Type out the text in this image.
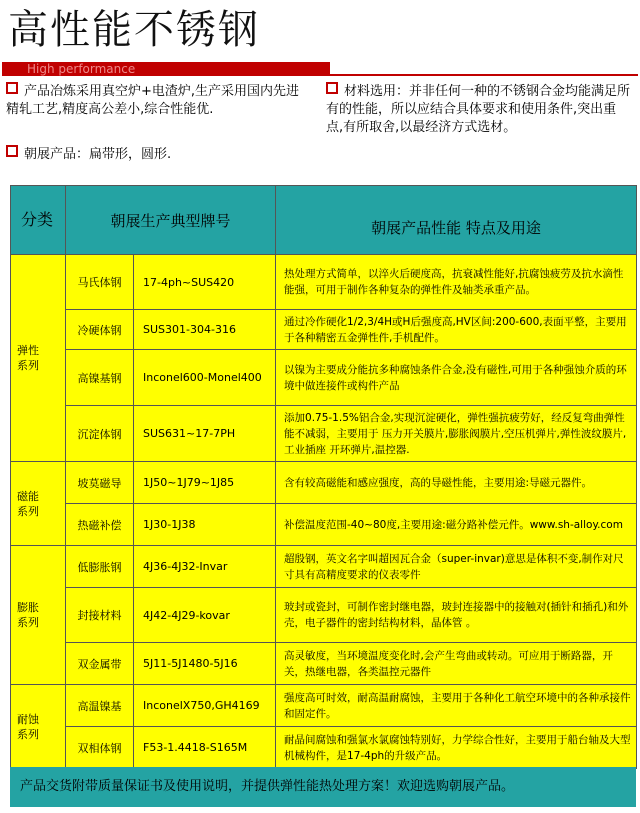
高性能不锈钢
High performance
产品冶炼采用真空炉+电渣炉,生产采用国内先进精轧工艺,精度高公差小,综合性能优.
朝展产品：扁带形，圆形.
材料选用：并非任何一种的不锈钢合金均能满足所有的性能，所以应结合具体要求和使用条件,突出重点,有所取舍,以最经济方式选材。
分类	朝展生产典型牌号		朝展产品性能 特点及用途
弹性
系列	马氏体钢	17-4ph~SUS420	热处理方式简单，以淬火后硬度高，抗衰减性能好,抗腐蚀疲劳及抗水滴性能强，可用于制作各种复杂的弹性件及轴类承重产品。
	冷硬体钢	SUS301-304-316	通过冷作硬化1/2,3/4H或H后强度高,HV区间:200-600,表面平整，主要用于各种精密五金弹性件,手机配件。
	高镍基钢	Inconel600-Monel400	以镍为主要成分能抗多种腐蚀条件合金,没有磁性,可用于各种强蚀介质的环境中做连接件或构件产品
	沉淀体钢	SUS631~17-7PH	添加0.75-1.5%铝合金,实现沉淀硬化，弹性强抗疲劳好，经反复弯曲弹性能不减弱，主要用于 压力开关膜片,膨胀阀膜片,空压机弹片,弹性波纹膜片,工业插座 开环弹片,温控器.
磁能
系列	坡莫磁导	1J50~1J79~1J85	含有较高磁能和感应强度，高的导磁性能，主要用途:导磁元器件。
	热磁补偿	1J30-1J38	补偿温度范围-40~80度,主要用途:磁分路补偿元件。www.sh-alloy.com
膨胀
系列	低膨胀钢	4J36-4J32-Invar	超殷钢，英文名字叫超因瓦合金（super-invar)意思是体积不变,制作对尺寸具有高精度要求的仪表零件
	封接材料	4J42-4J29-kovar	玻封或瓷封，可制作密封继电器，玻封连接器中的接触对(插针和插孔)和外壳，电子器件的密封结构材料，晶体管 。
	双金属带	5J11-5J1480-5J16	高灵敏度，当环境温度变化时,会产生弯曲或转动。可应用于断路器，开关，热继电器，各类温控元器件
耐蚀
系列	高温镍基	InconelX750,GH4169	强度高可时效，耐高温耐腐蚀，主要用于各种化工航空环境中的各种承接件和固定件。
	双相体钢	F53-1.4418-S165M	耐晶间腐蚀和强氯水氯腐蚀特别好，力学综合性好，主要用于船台轴及大型机械构件，是17-4ph的升级产品。
产品交货附带质量保证书及使用说明，并提供弹性能热处理方案！欢迎选购朝展产品。
